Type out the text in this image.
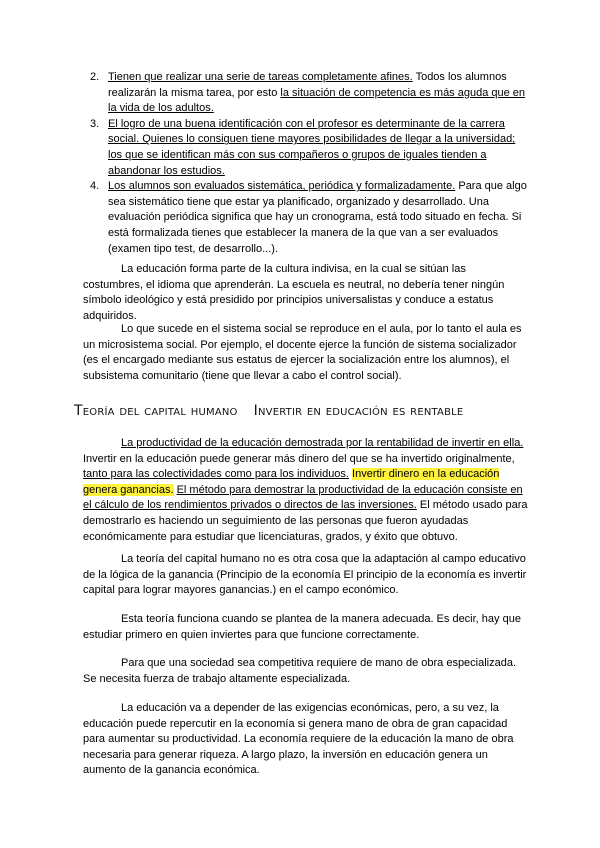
2. Tienen que realizar una serie de tareas completamente afines. Todos los alumnos realizarán la misma tarea, por esto la situación de competencia es más aguda que en la vida de los adultos.
3. El logro de una buena identificación con el profesor es determinante de la carrera social. Quienes lo consiguen tiene mayores posibilidades de llegar a la universidad; los que se identifican más con sus compañeros o grupos de iguales tienden a abandonar los estudios.
4. Los alumnos son evaluados sistemática, periódica y formalizadamente. Para que algo sea sistemático tiene que estar ya planificado, organizado y desarrollado. Una evaluación periódica significa que hay un cronograma, está todo situado en fecha. Si está formalizada tienes que establecer la manera de la que van a ser evaluados (examen tipo test, de desarrollo...).

La educación forma parte de la cultura indivisa, en la cual se sitúan las costumbres, el idioma que aprenderán. La escuela es neutral, no debería tener ningún símbolo ideológico y está presidido por principios universalistas y conduce a estatus adquiridos.

Lo que sucede en el sistema social se reproduce en el aula, por lo tanto el aula es un microsistema social. Por ejemplo, el docente ejerce la función de sistema socializador (es el encargado mediante sus estatus de ejercer la socialización entre los alumnos), el subsistema comunitario (tiene que llevar a cabo el control social).

Teoría del capital humano Invertir en educación es rentable

La productividad de la educación demostrada por la rentabilidad de invertir en ella. Invertir en la educación puede generar más dinero del que se ha invertido originalmente, tanto para las colectividades como para los individuos. Invertir dinero en la educación genera ganancias. El método para demostrar la productividad de la educación consiste en el cálculo de los rendimientos privados o directos de las inversiones. El método usado para demostrarlo es haciendo un seguimiento de las personas que fueron ayudadas económicamente para estudiar que licenciaturas, grados, y éxito que obtuvo.

La teoría del capital humano no es otra cosa que la adaptación al campo educativo de la lógica de la ganancia (Principio de la economía El principio de la economía es invertir capital para lograr mayores ganancias.) en el campo económico.

Esta teoría funciona cuando se plantea de la manera adecuada. Es decir, hay que estudiar primero en quien inviertes para que funcione correctamente.

Para que una sociedad sea competitiva requiere de mano de obra especializada. Se necesita fuerza de trabajo altamente especializada.

La educación va a depender de las exigencias económicas, pero, a su vez, la educación puede repercutir en la economía si genera mano de obra de gran capacidad para aumentar su productividad. La economía requiere de la educación la mano de obra necesaria para generar riqueza. A largo plazo, la inversión en educación genera un aumento de la ganancia económica.
